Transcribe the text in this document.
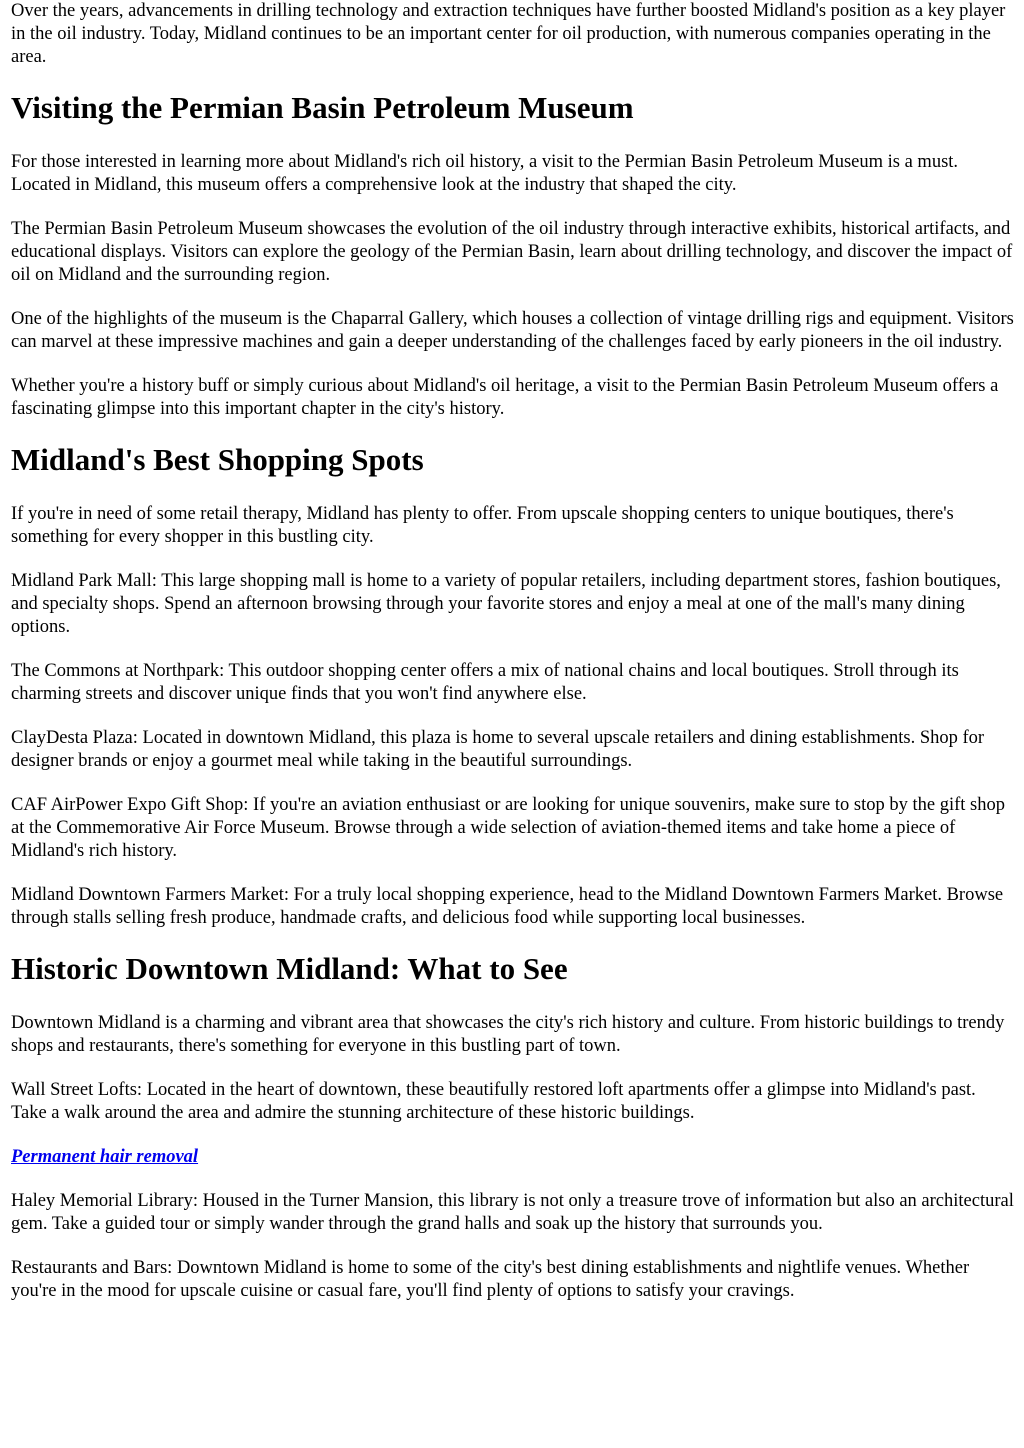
Over the years, advancements in drilling technology and extraction techniques have further boosted Midland's position as a key player in the oil industry. Today, Midland continues to be an important center for oil production, with numerous companies operating in the area.

Visiting the Permian Basin Petroleum Museum

For those interested in learning more about Midland's rich oil history, a visit to the Permian Basin Petroleum Museum is a must. Located in Midland, this museum offers a comprehensive look at the industry that shaped the city.

The Permian Basin Petroleum Museum showcases the evolution of the oil industry through interactive exhibits, historical artifacts, and educational displays. Visitors can explore the geology of the Permian Basin, learn about drilling technology, and discover the impact of oil on Midland and the surrounding region.

One of the highlights of the museum is the Chaparral Gallery, which houses a collection of vintage drilling rigs and equipment. Visitors can marvel at these impressive machines and gain a deeper understanding of the challenges faced by early pioneers in the oil industry.

Whether you're a history buff or simply curious about Midland's oil heritage, a visit to the Permian Basin Petroleum Museum offers a fascinating glimpse into this important chapter in the city's history.

Midland's Best Shopping Spots

If you're in need of some retail therapy, Midland has plenty to offer. From upscale shopping centers to unique boutiques, there's something for every shopper in this bustling city.

Midland Park Mall: This large shopping mall is home to a variety of popular retailers, including department stores, fashion boutiques, and specialty shops. Spend an afternoon browsing through your favorite stores and enjoy a meal at one of the mall's many dining options.

The Commons at Northpark: This outdoor shopping center offers a mix of national chains and local boutiques. Stroll through its charming streets and discover unique finds that you won't find anywhere else.

ClayDesta Plaza: Located in downtown Midland, this plaza is home to several upscale retailers and dining establishments. Shop for designer brands or enjoy a gourmet meal while taking in the beautiful surroundings.

CAF AirPower Expo Gift Shop: If you're an aviation enthusiast or are looking for unique souvenirs, make sure to stop by the gift shop at the Commemorative Air Force Museum. Browse through a wide selection of aviation-themed items and take home a piece of Midland's rich history.

Midland Downtown Farmers Market: For a truly local shopping experience, head to the Midland Downtown Farmers Market. Browse through stalls selling fresh produce, handmade crafts, and delicious food while supporting local businesses.

Historic Downtown Midland: What to See

Downtown Midland is a charming and vibrant area that showcases the city's rich history and culture. From historic buildings to trendy shops and restaurants, there's something for everyone in this bustling part of town.

Wall Street Lofts: Located in the heart of downtown, these beautifully restored loft apartments offer a glimpse into Midland's past. Take a walk around the area and admire the stunning architecture of these historic buildings.

Permanent hair removal

Haley Memorial Library: Housed in the Turner Mansion, this library is not only a treasure trove of information but also an architectural gem. Take a guided tour or simply wander through the grand halls and soak up the history that surrounds you.

Restaurants and Bars: Downtown Midland is home to some of the city's best dining establishments and nightlife venues. Whether you're in the mood for upscale cuisine or casual fare, you'll find plenty of options to satisfy your cravings.
